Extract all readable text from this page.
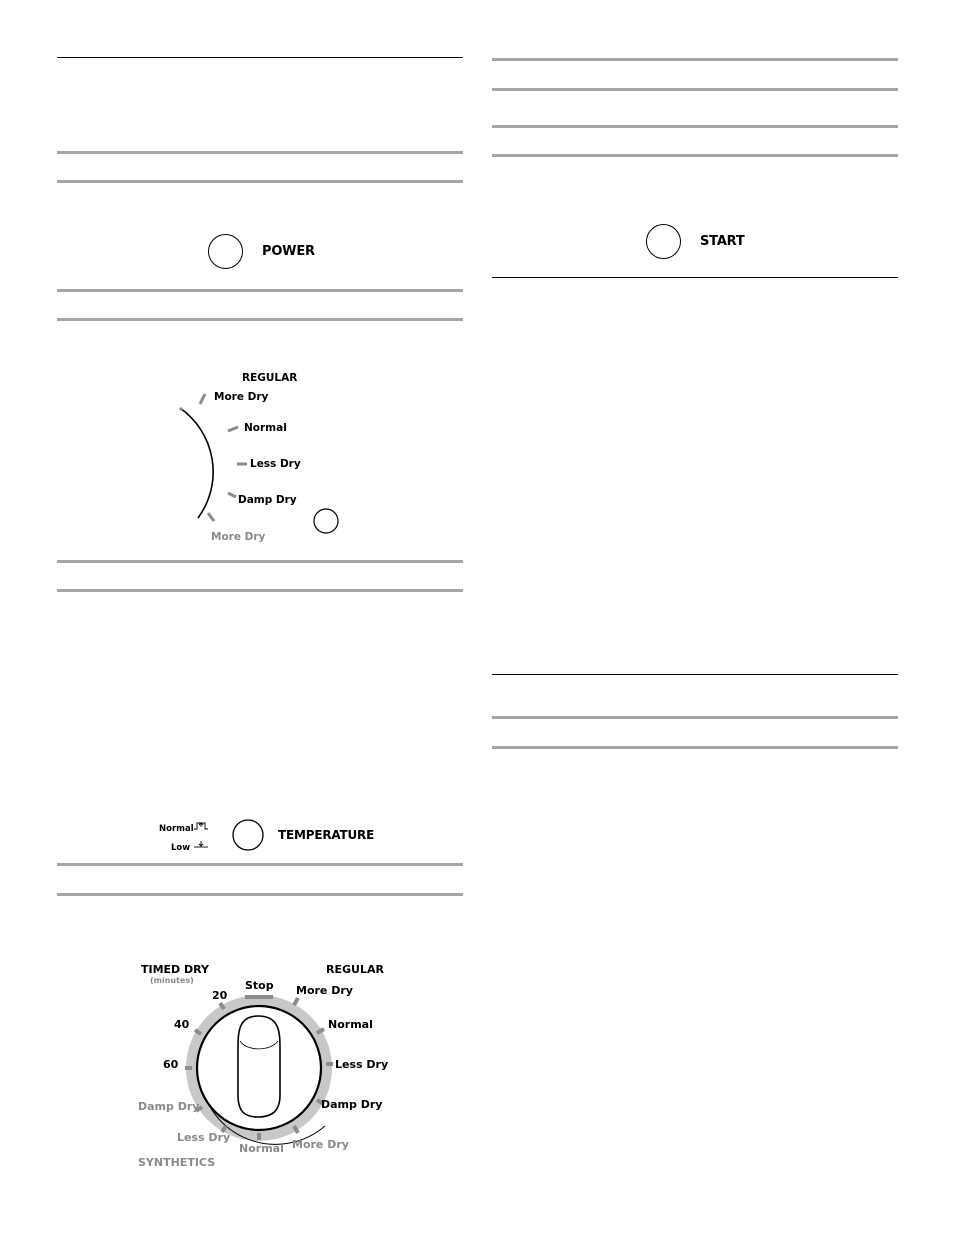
POWER
START
REGULAR
More Dry
Normal
Less Dry
Damp Dry
More Dry
Normal
Low
TEMPERATURE
TIMED DRY
(minutes)
REGULAR
SYNTHETICS
Stop
20
40
60
More Dry
Normal
Less Dry
Damp Dry
Damp Dry
Less Dry
Normal More Dry
